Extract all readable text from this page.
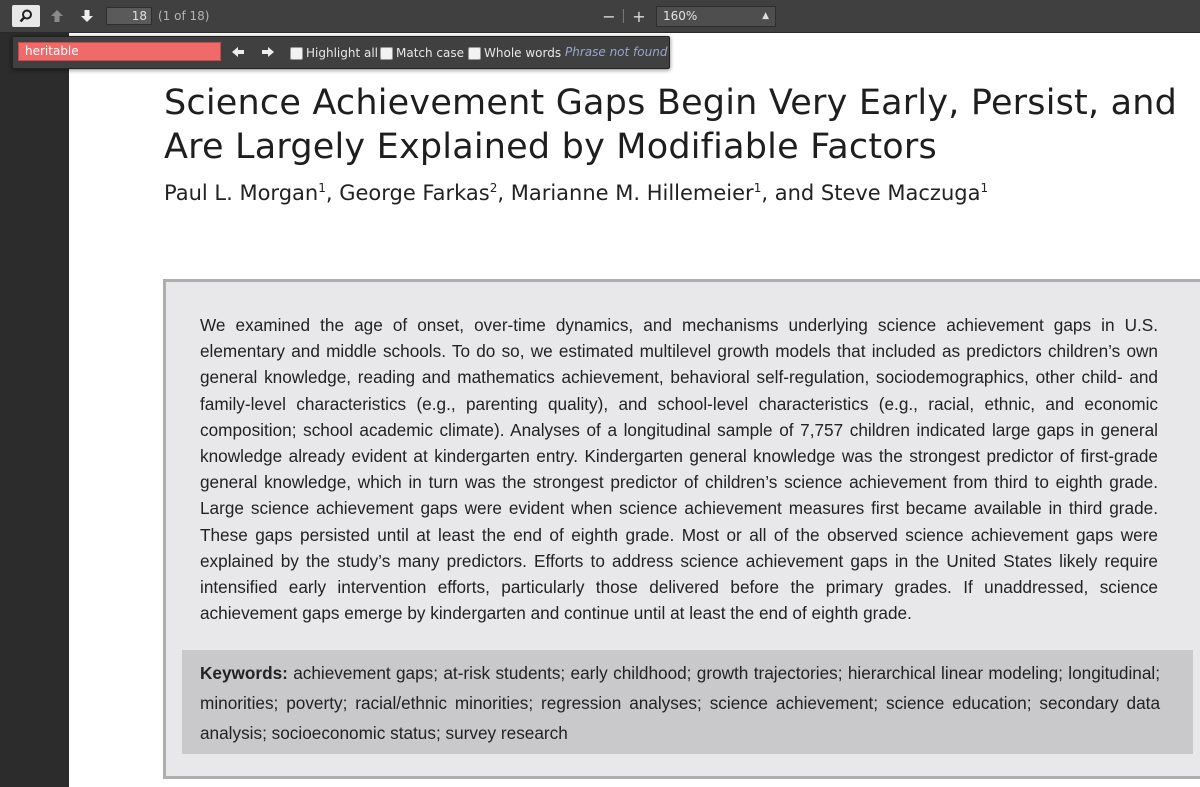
18 (1 of 18)	− +	160%	▲

heritable	Highlight all Match case Whole words Phrase not found
Science Achievement Gaps Begin Very Early, Persist, and Are Largely Explained by Modifiable Factors
Paul L. Morgan$^1$, George Farkas$^2$, Marianne M. Hillemeier$^1$, and Steve Maczuga$^1$

We examined the age of onset, over-time dynamics, and mechanisms underlying science achievement gaps in U.S. elementary and middle schools. To do so, we estimated multilevel growth models that included as predictors children’s own general knowledge, reading and mathematics achievement, behavioral self-regulation, sociodemographics, other child- and family-level characteristics (e.g., parenting quality), and school-level characteristics (e.g., racial, ethnic, and economic composition; school academic climate). Analyses of a longitudinal sample of 7,757 children indicated large gaps in general knowledge already evident at kindergarten entry. Kindergarten general knowledge was the strongest predictor of first-grade general knowledge, which in turn was the strongest predictor of children’s science achievement from third to eighth grade. Large science achievement gaps were evident when science achievement measures first became available in third grade. These gaps persisted until at least the end of eighth grade. Most or all of the observed science achievement gaps were explained by the study’s many predictors. Efforts to address science achievement gaps in the United States likely require intensified early intervention efforts, particularly those delivered before the primary grades. If unaddressed, science achievement gaps emerge by kindergarten and continue until at least the end of eighth grade.

Keywords: achievement gaps; at-risk students; early childhood; growth trajectories; hierarchical linear modeling; longitudinal; minorities; poverty; racial/ethnic minorities; regression analyses; science achievement; science education; secondary data analysis; socioeconomic status; survey research
